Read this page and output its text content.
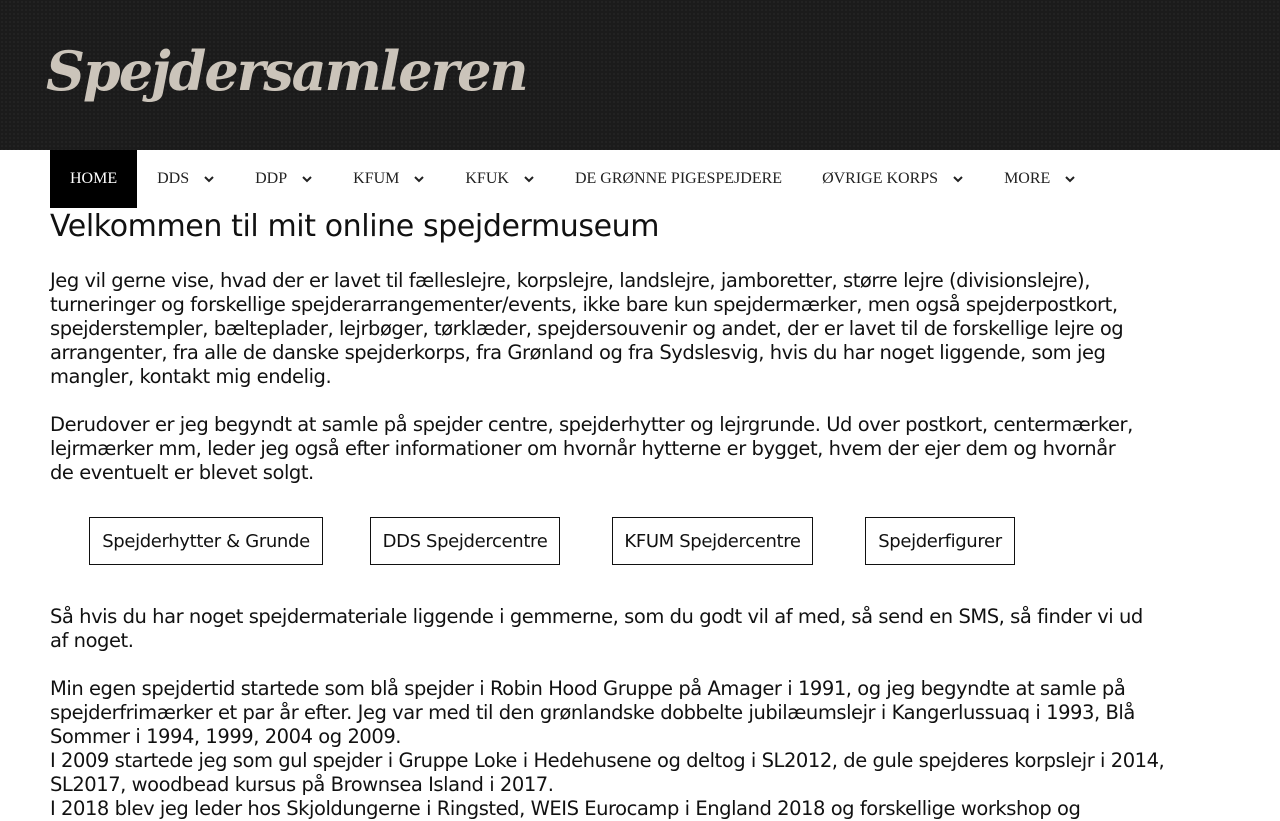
Spejdersamleren
HOME	DDS	DDP	KFUM	KFUK	DE GRØNNE PIGESPEJDERE	ØVRIGE KORPS	MORE
Velkommen til mit online spejdermuseum

Jeg vil gerne vise, hvad der er lavet til fælleslejre, korpslejre, landslejre, jamboretter, større lejre (divisionslejre),

turneringer og forskellige spejderarrangementer/events, ikke bare kun spejdermærker, men også spejderpostkort,

spejderstempler, bælteplader, lejrbøger, tørklæder, spejdersouvenir og andet, der er lavet til de forskellige lejre og

arrangenter, fra alle de danske spejderkorps, fra Grønland og fra Sydslesvig, hvis du har noget liggende, som jeg

mangler, kontakt mig endelig.

Derudover er jeg begyndt at samle på spejder centre, spejderhytter og lejrgrunde. Ud over postkort, centermærker,

lejrmærker mm, leder jeg også efter informationer om hvornår hytterne er bygget, hvem der ejer dem og hvornår

de eventuelt er blevet solgt.

Spejderhytter & Grunde	DDS Spejdercentre	KFUM Spejdercentre	Spejderfigurer

Så hvis du har noget spejdermateriale liggende i gemmerne, som du godt vil af med, så send en SMS, så finder vi ud

af noget.

Min egen spejdertid startede som blå spejder i Robin Hood Gruppe på Amager i 1991, og jeg begyndte at samle på

spejderfrimærker et par år efter. Jeg var med til den grønlandske dobbelte jubilæumslejr i Kangerlussuaq i 1993, Blå

Sommer i 1994, 1999, 2004 og 2009.

I 2009 startede jeg som gul spejder i Gruppe Loke i Hedehusene og deltog i SL2012, de gule spejderes korpslejr i 2014,

SL2017, woodbead kursus på Brownsea Island i 2017.

I 2018 blev jeg leder hos Skjoldungerne i Ringsted, WEIS Eurocamp i England 2018 og forskellige workshop og
